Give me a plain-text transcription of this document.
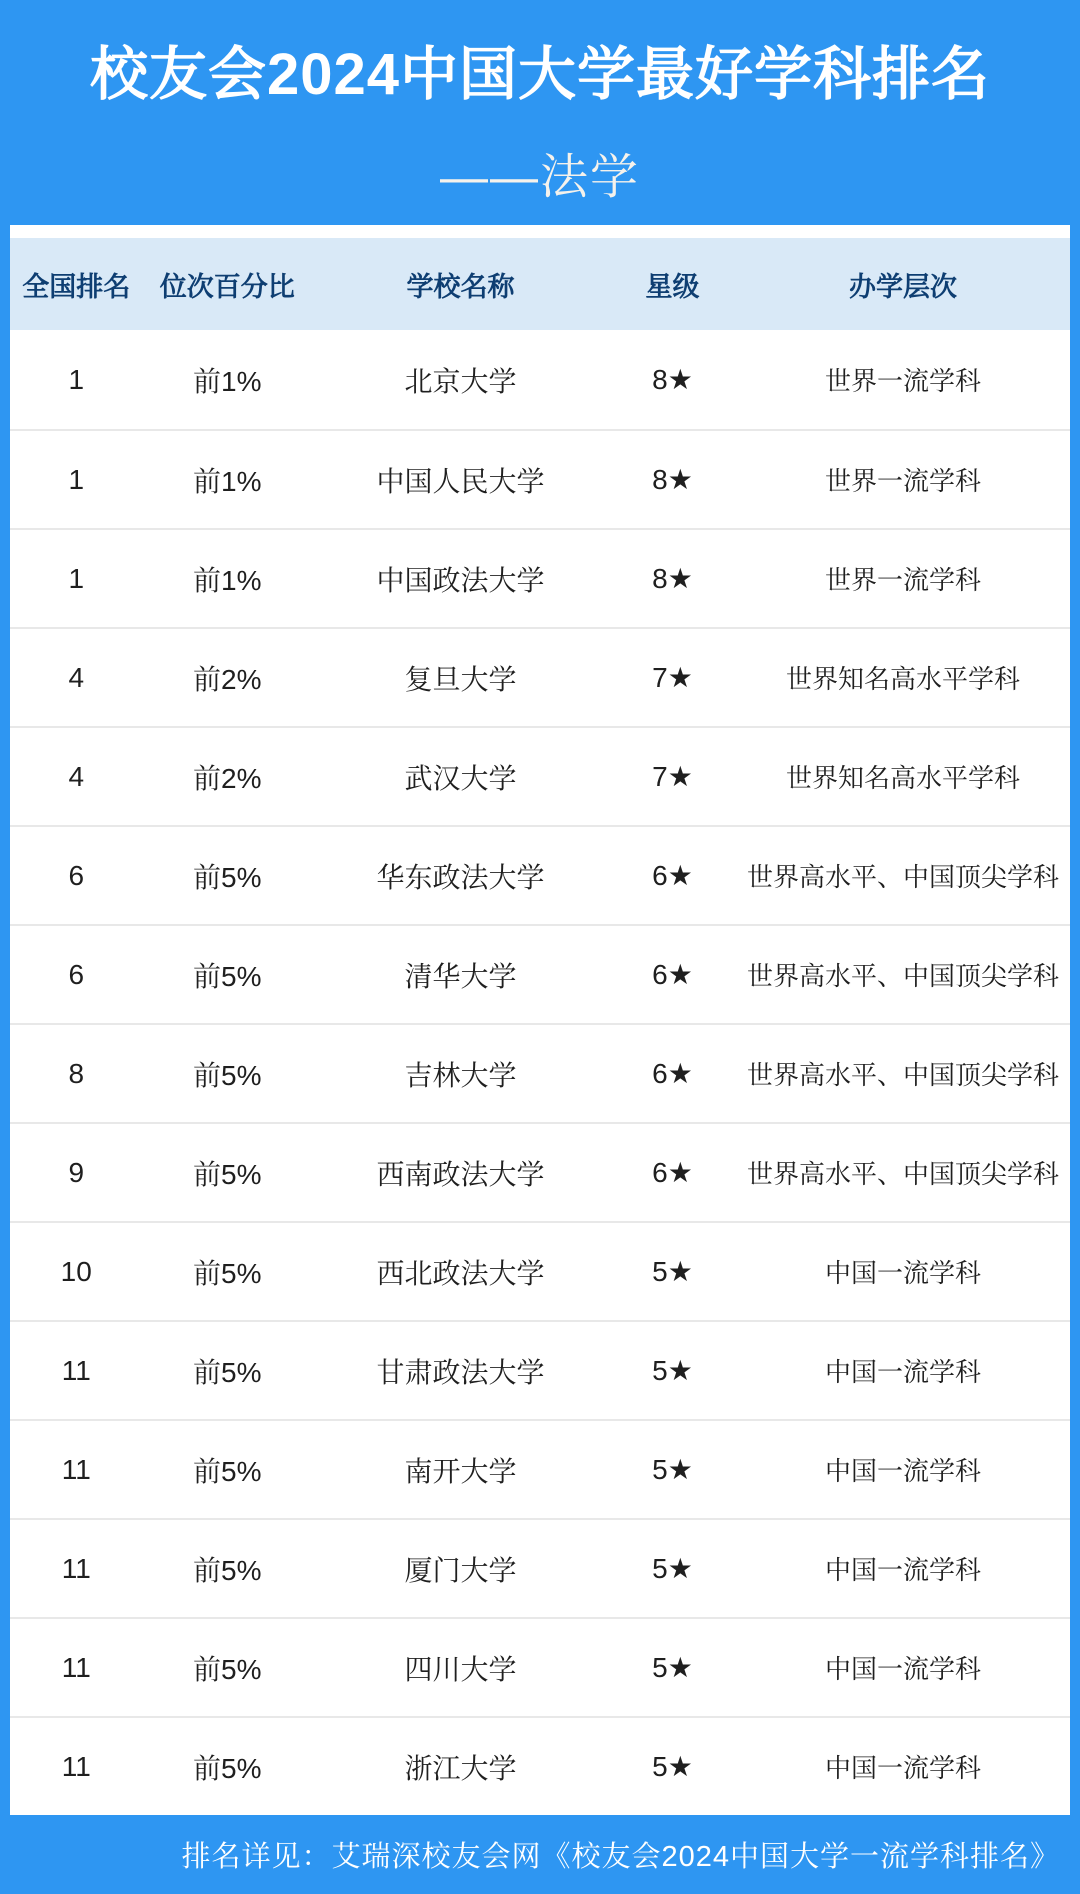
校友会2024中国大学最好学科排名
——法学
全国排名	位次百分比	学校名称	星级	办学层次
1	前1%	北京大学	8★	世界一流学科
1	前1%	中国人民大学	8★	世界一流学科
1	前1%	中国政法大学	8★	世界一流学科
4	前2%	复旦大学	7★	世界知名高水平学科
4	前2%	武汉大学	7★	世界知名高水平学科
6	前5%	华东政法大学	6★	世界高水平、中国顶尖学科
6	前5%	清华大学	6★	世界高水平、中国顶尖学科
8	前5%	吉林大学	6★	世界高水平、中国顶尖学科
9	前5%	西南政法大学	6★	世界高水平、中国顶尖学科
10	前5%	西北政法大学	5★	中国一流学科
11	前5%	甘肃政法大学	5★	中国一流学科
11	前5%	南开大学	5★	中国一流学科
11	前5%	厦门大学	5★	中国一流学科
11	前5%	四川大学	5★	中国一流学科
11	前5%	浙江大学	5★	中国一流学科
排名详见：艾瑞深校友会网《校友会2024中国大学一流学科排名》
